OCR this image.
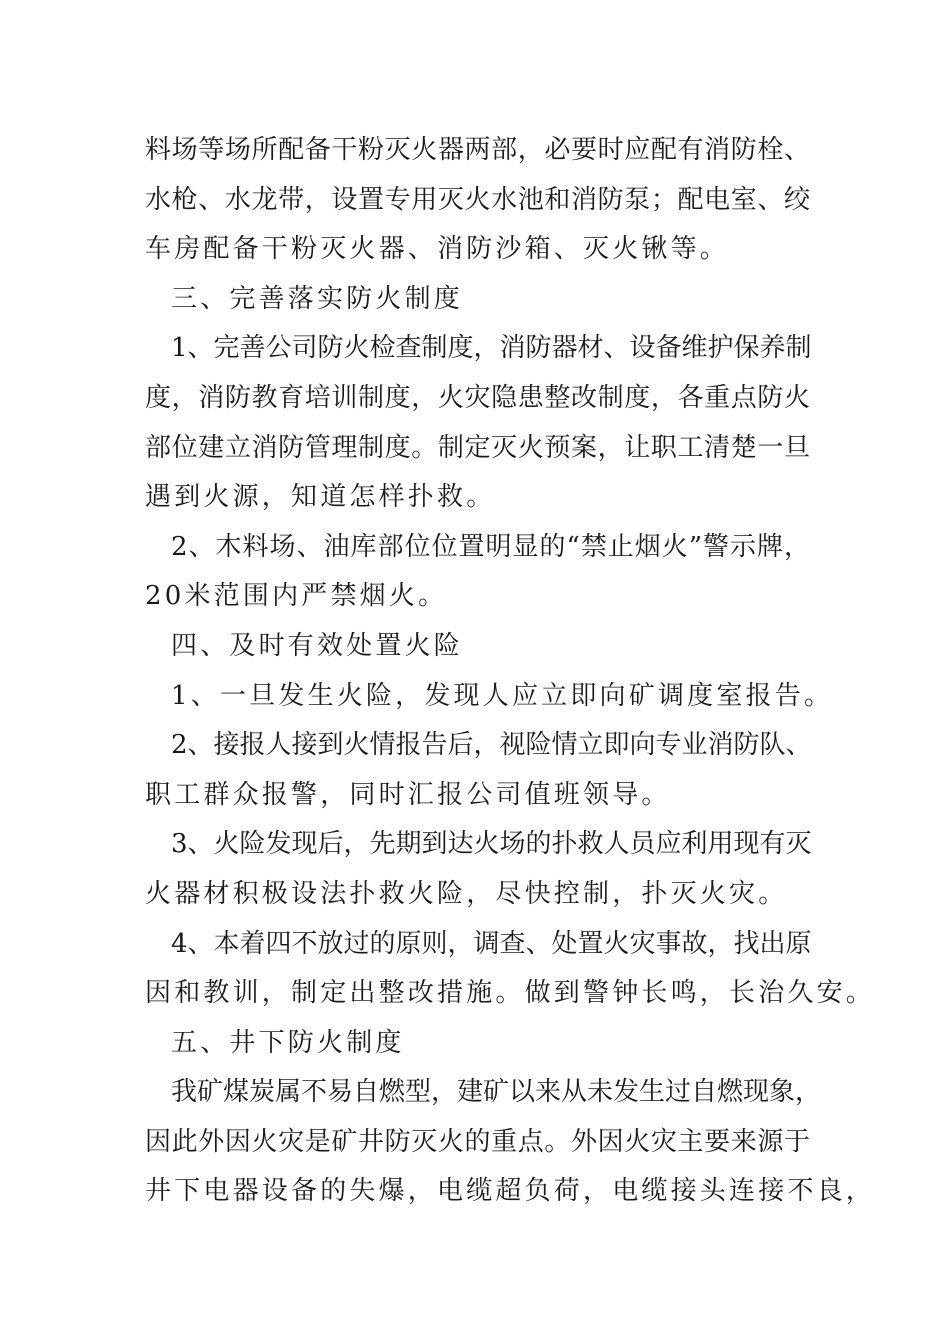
料场等场所配备干粉灭火器两部，必要时应配有消防栓、
水枪、水龙带，设置专用灭火水池和消防泵；配电室、绞
车房配备干粉灭火器、消防沙箱、灭火锹等。
三、完善落实防火制度
1、完善公司防火检查制度，消防器材、设备维护保养制
度，消防教育培训制度，火灾隐患整改制度，各重点防火
部位建立消防管理制度。制定灭火预案，让职工清楚一旦
遇到火源，知道怎样扑救。
2、木料场、油库部位位置明显的“禁止烟火”警示牌，
20米范围内严禁烟火。
四、及时有效处置火险
1、一旦发生火险，发现人应立即向矿调度室报告。
2、接报人接到火情报告后，视险情立即向专业消防队、
职工群众报警，同时汇报公司值班领导。
3、火险发现后，先期到达火场的扑救人员应利用现有灭
火器材积极设法扑救火险，尽快控制，扑灭火灾。
4、本着四不放过的原则，调查、处置火灾事故，找出原
因和教训，制定出整改措施。做到警钟长鸣，长治久安。
五、井下防火制度
我矿煤炭属不易自燃型，建矿以来从未发生过自燃现象，
因此外因火灾是矿井防灭火的重点。外因火灾主要来源于
井下电器设备的失爆，电缆超负荷，电缆接头连接不良，
